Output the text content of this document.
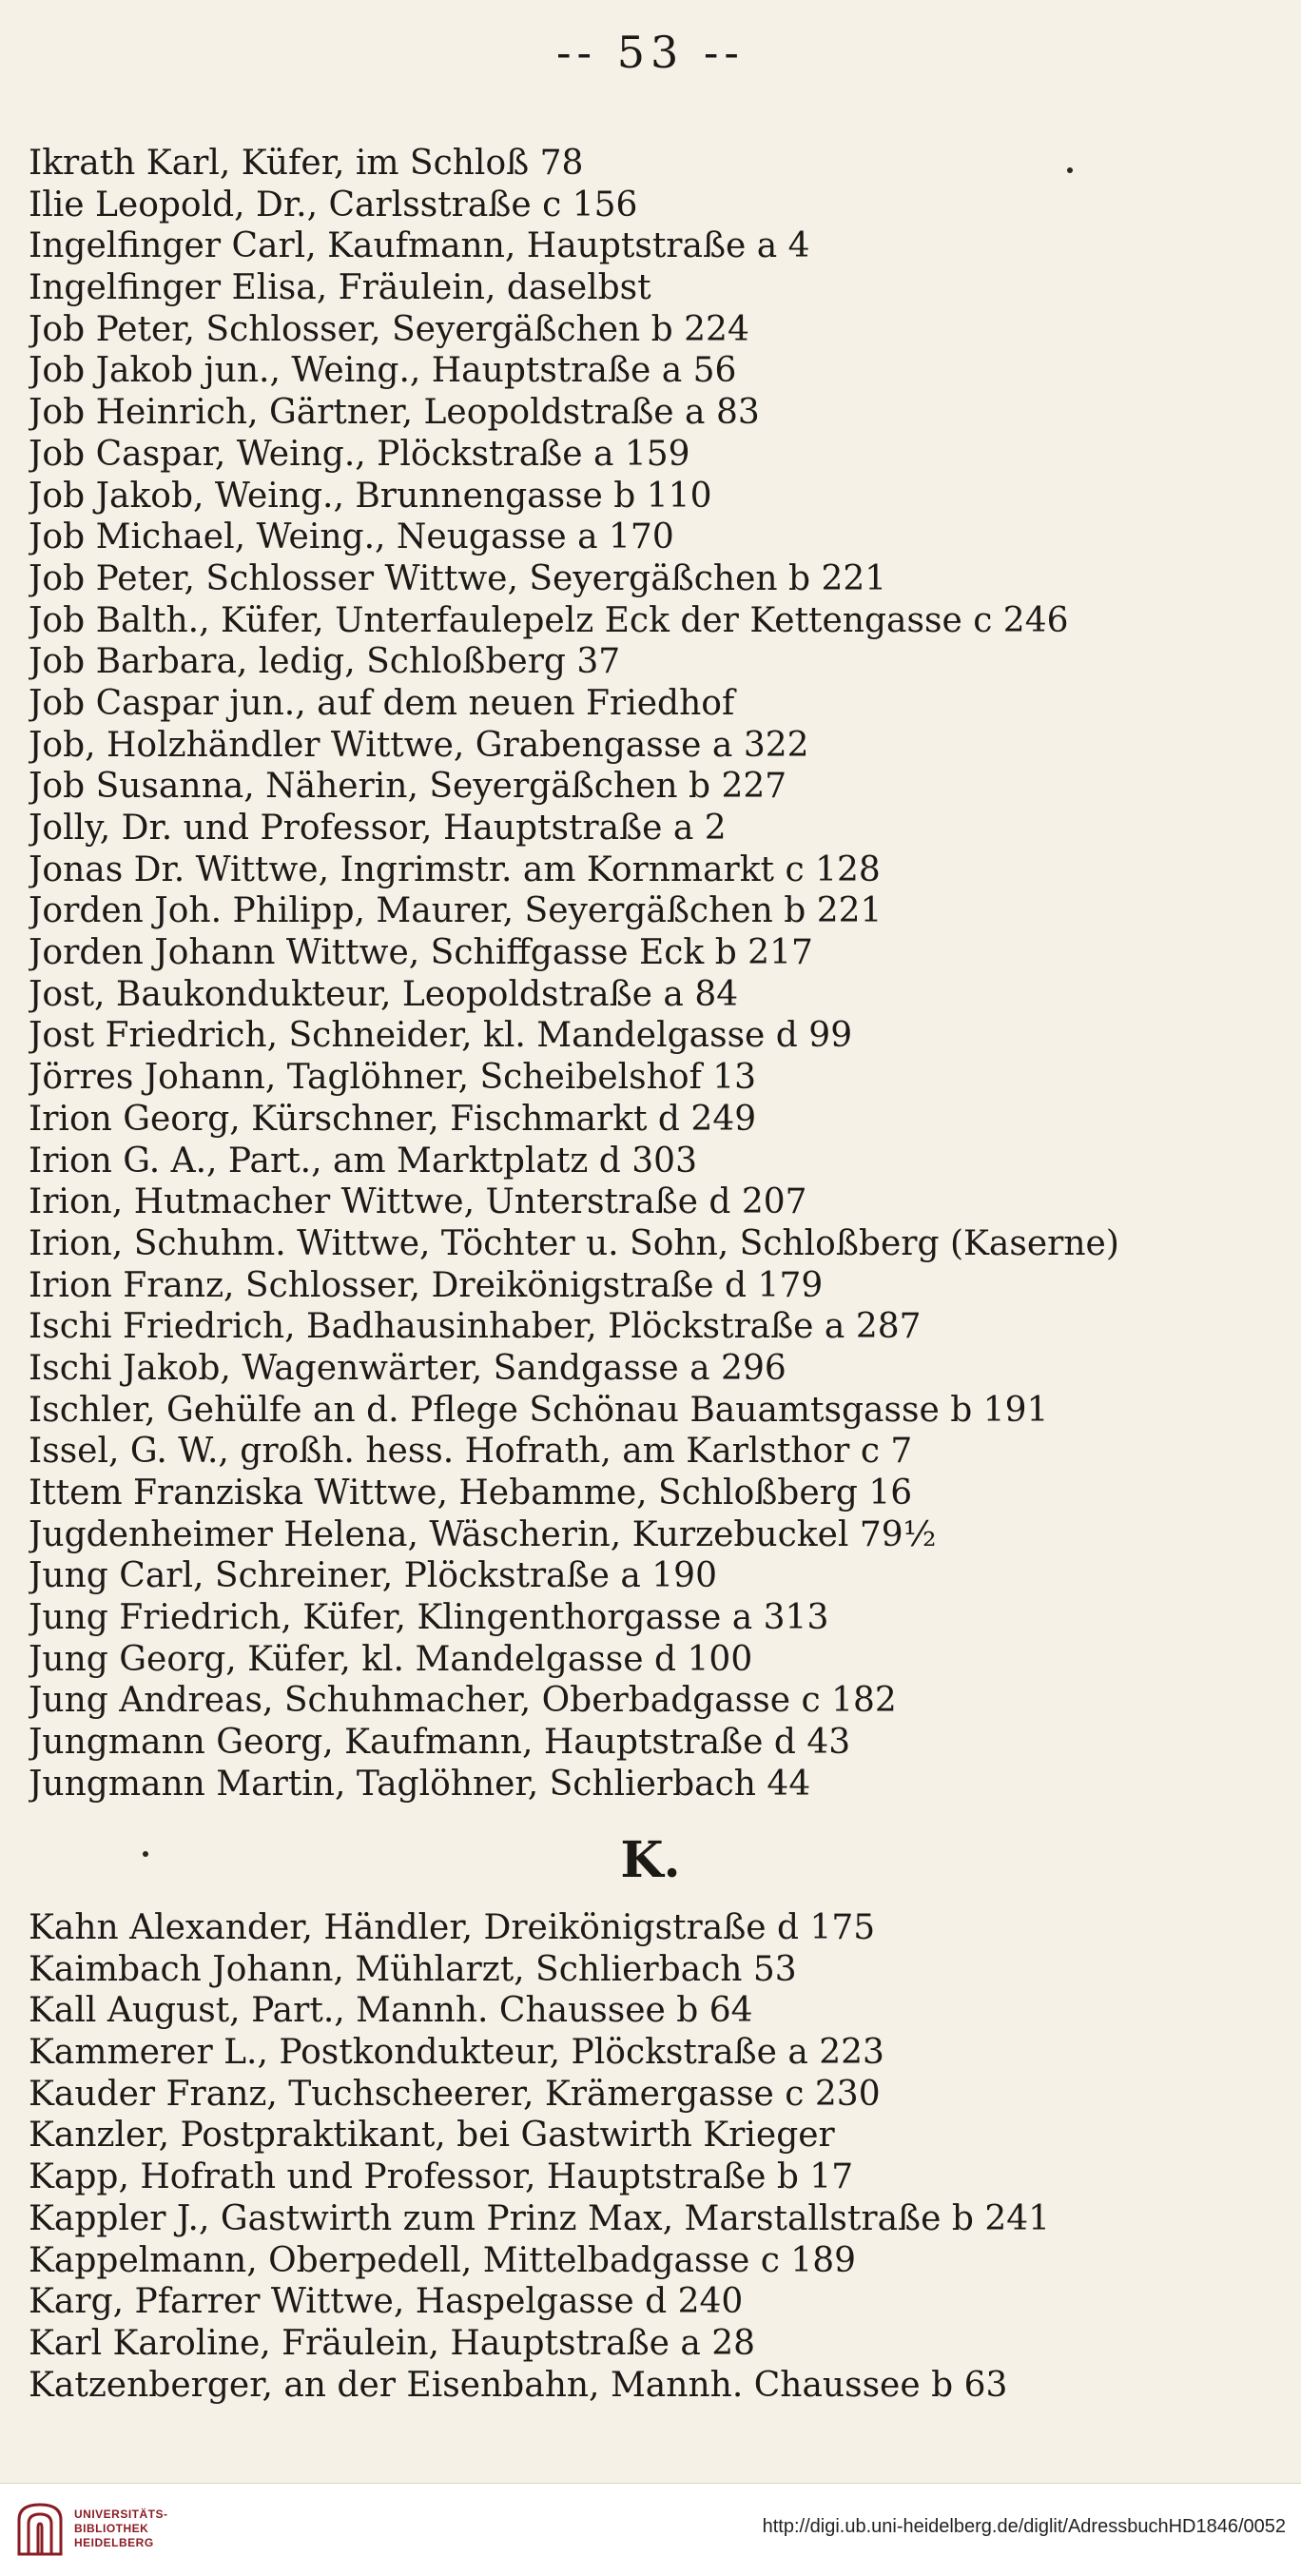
-- 53 --
Ikrath Karl, Küfer, im Schloß 78
Ilie Leopold, Dr., Carlsstraße c 156
Ingelfinger Carl, Kaufmann, Hauptstraße a 4
Ingelfinger Elisa, Fräulein, daselbst
Job Peter, Schlosser, Seyergäßchen b 224
Job Jakob jun., Weing., Hauptstraße a 56
Job Heinrich, Gärtner, Leopoldstraße a 83
Job Caspar, Weing., Plöckstraße a 159
Job Jakob, Weing., Brunnengasse b 110
Job Michael, Weing., Neugasse a 170
Job Peter, Schlosser Wittwe, Seyergäßchen b 221
Job Balth., Küfer, Unterfaulepelz Eck der Kettengasse c 246
Job Barbara, ledig, Schloßberg 37
Job Caspar jun., auf dem neuen Friedhof
Job, Holzhändler Wittwe, Grabengasse a 322
Job Susanna, Näherin, Seyergäßchen b 227
Jolly, Dr. und Professor, Hauptstraße a 2
Jonas Dr. Wittwe, Ingrimstr. am Kornmarkt c 128
Jorden Joh. Philipp, Maurer, Seyergäßchen b 221
Jorden Johann Wittwe, Schiffgasse Eck b 217
Jost, Baukondukteur, Leopoldstraße a 84
Jost Friedrich, Schneider, kl. Mandelgasse d 99
Jörres Johann, Taglöhner, Scheibelshof 13
Irion Georg, Kürschner, Fischmarkt d 249
Irion G. A., Part., am Marktplatz d 303
Irion, Hutmacher Wittwe, Unterstraße d 207
Irion, Schuhm. Wittwe, Töchter u. Sohn, Schloßberg (Kaserne)
Irion Franz, Schlosser, Dreikönigstraße d 179
Ischi Friedrich, Badhausinhaber, Plöckstraße a 287
Ischi Jakob, Wagenwärter, Sandgasse a 296
Ischler, Gehülfe an d. Pflege Schönau Bauamtsgasse b 191
Issel, G. W., großh. hess. Hofrath, am Karlsthor c 7
Ittem Franziska Wittwe, Hebamme, Schloßberg 16
Jugdenheimer Helena, Wäscherin, Kurzebuckel 79½
Jung Carl, Schreiner, Plöckstraße a 190
Jung Friedrich, Küfer, Klingenthorgasse a 313
Jung Georg, Küfer, kl. Mandelgasse d 100
Jung Andreas, Schuhmacher, Oberbadgasse c 182
Jungmann Georg, Kaufmann, Hauptstraße d 43
Jungmann Martin, Taglöhner, Schlierbach 44
K.
Kahn Alexander, Händler, Dreikönigstraße d 175
Kaimbach Johann, Mühlarzt, Schlierbach 53
Kall August, Part., Mannh. Chaussee b 64
Kammerer L., Postkondukteur, Plöckstraße a 223
Kauder Franz, Tuchscheerer, Krämergasse c 230
Kanzler, Postpraktikant, bei Gastwirth Krieger
Kapp, Hofrath und Professor, Hauptstraße b 17
Kappler J., Gastwirth zum Prinz Max, Marstallstraße b 241
Kappelmann, Oberpedell, Mittelbadgasse c 189
Karg, Pfarrer Wittwe, Haspelgasse d 240
Karl Karoline, Fräulein, Hauptstraße a 28
Katzenberger, an der Eisenbahn, Mannh. Chaussee b 63
UNIVERSITÄTS-
BIBLIOTHEK
HEIDELBERG
http://digi.ub.uni-heidelberg.de/diglit/AdressbuchHD1846/0052
